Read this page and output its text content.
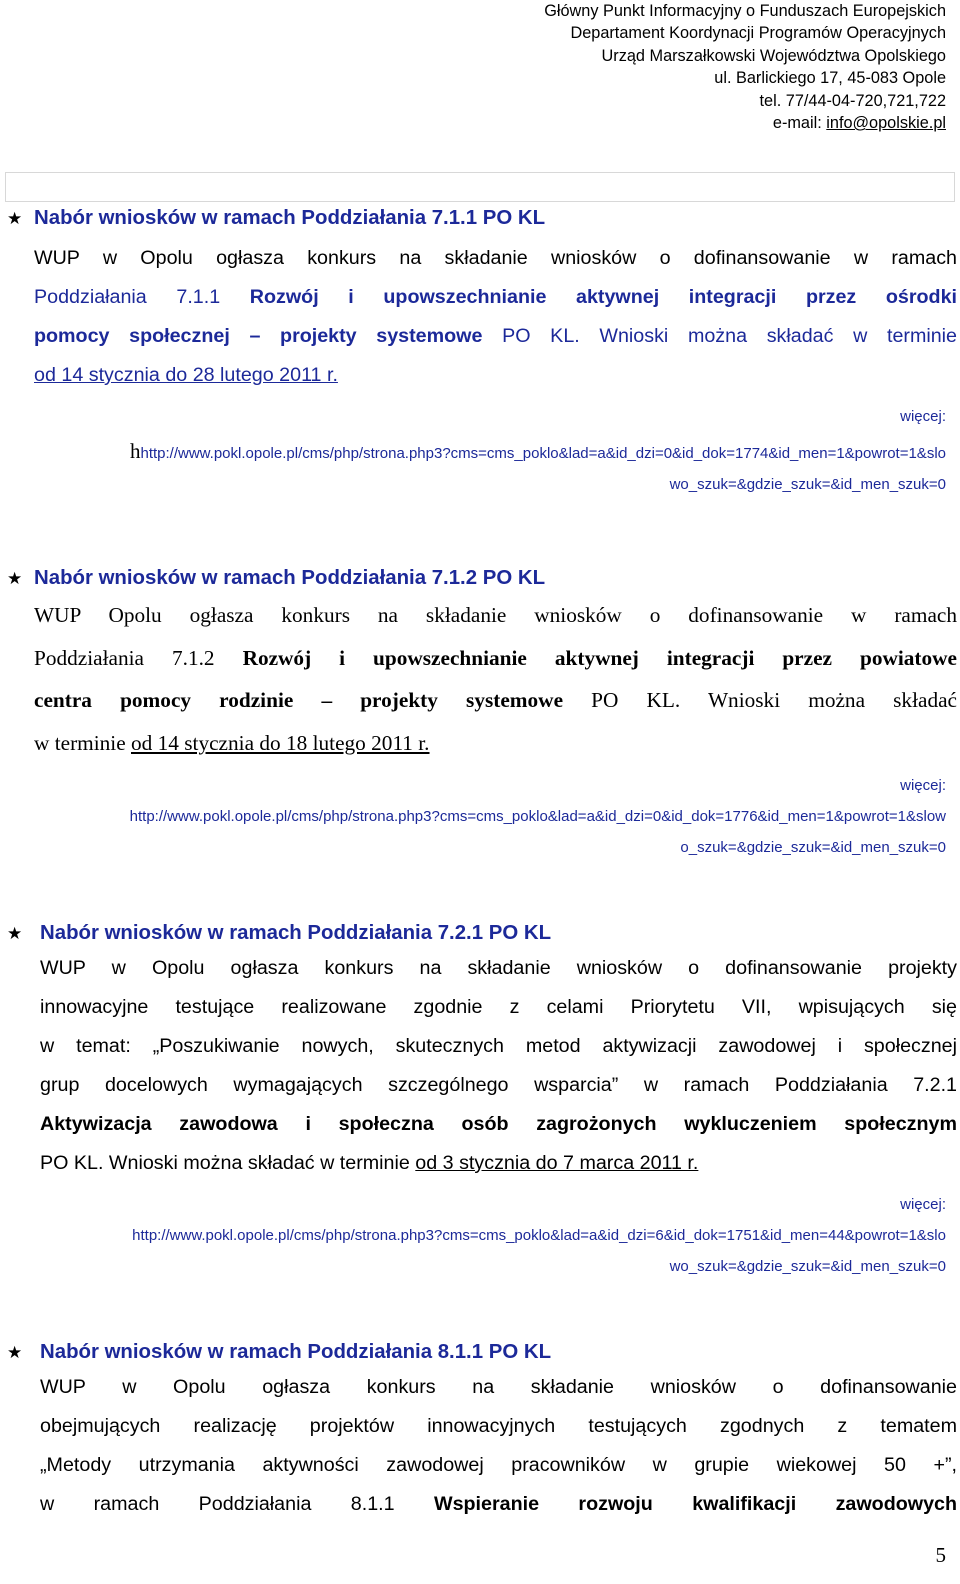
Główny Punkt Informacyjny o Funduszach Europejskich
Departament Koordynacji Programów Operacyjnych
Urząd Marszałkowski Województwa Opolskiego
ul. Barlickiego 17, 45-083 Opole
tel. 77/44-04-720,721,722
e-mail: info@opolskie.pl
★ Nabór wniosków w ramach Poddziałania 7.1.1 PO KL
WUP w Opolu ogłasza konkurs na składanie wniosków o dofinansowanie w ramach
Poddziałania 7.1.1 Rozwój i upowszechnianie aktywnej integracji przez ośrodki
pomocy społecznej – projekty systemowe PO KL. Wnioski można składać w terminie
od 14 stycznia do 28 lutego 2011 r.
więcej:
hhttp://www.pokl.opole.pl/cms/php/strona.php3?cms=cms_poklo&lad=a&id_dzi=0&id_dok=1774&id_men=1&powrot=1&slo
wo_szuk=&gdzie_szuk=&id_men_szuk=0
★ Nabór wniosków w ramach Poddziałania 7.1.2 PO KL
WUP Opolu ogłasza konkurs na składanie wniosków o dofinansowanie w ramach
Poddziałania 7.1.2 Rozwój i upowszechnianie aktywnej integracji przez powiatowe
centra pomocy rodzinie – projekty systemowe PO KL. Wnioski można składać
w terminie od 14 stycznia do 18 lutego 2011 r.
więcej:
http://www.pokl.opole.pl/cms/php/strona.php3?cms=cms_poklo&lad=a&id_dzi=0&id_dok=1776&id_men=1&powrot=1&slow
o_szuk=&gdzie_szuk=&id_men_szuk=0
★ Nabór wniosków w ramach Poddziałania 7.2.1 PO KL
WUP w Opolu ogłasza konkurs na składanie wniosków o dofinansowanie projekty
innowacyjne testujące realizowane zgodnie z celami Priorytetu VII, wpisujących się
w temat: „Poszukiwanie nowych, skutecznych metod aktywizacji zawodowej i społecznej
grup docelowych wymagających szczególnego wsparcia” w ramach Poddziałania 7.2.1
Aktywizacja zawodowa i społeczna osób zagrożonych wykluczeniem społecznym
PO KL. Wnioski można składać w terminie od 3 stycznia do 7 marca 2011 r.
więcej:
http://www.pokl.opole.pl/cms/php/strona.php3?cms=cms_poklo&lad=a&id_dzi=6&id_dok=1751&id_men=44&powrot=1&slo
wo_szuk=&gdzie_szuk=&id_men_szuk=0
★ Nabór wniosków w ramach Poddziałania 8.1.1 PO KL
WUP w Opolu ogłasza konkurs na składanie wniosków o dofinansowanie
obejmujących realizację projektów innowacyjnych testujących zgodnych z tematem
„Metody utrzymania aktywności zawodowej pracowników w grupie wiekowej 50 +”,
w ramach Poddziałania 8.1.1 Wspieranie rozwoju kwalifikacji zawodowych
5
